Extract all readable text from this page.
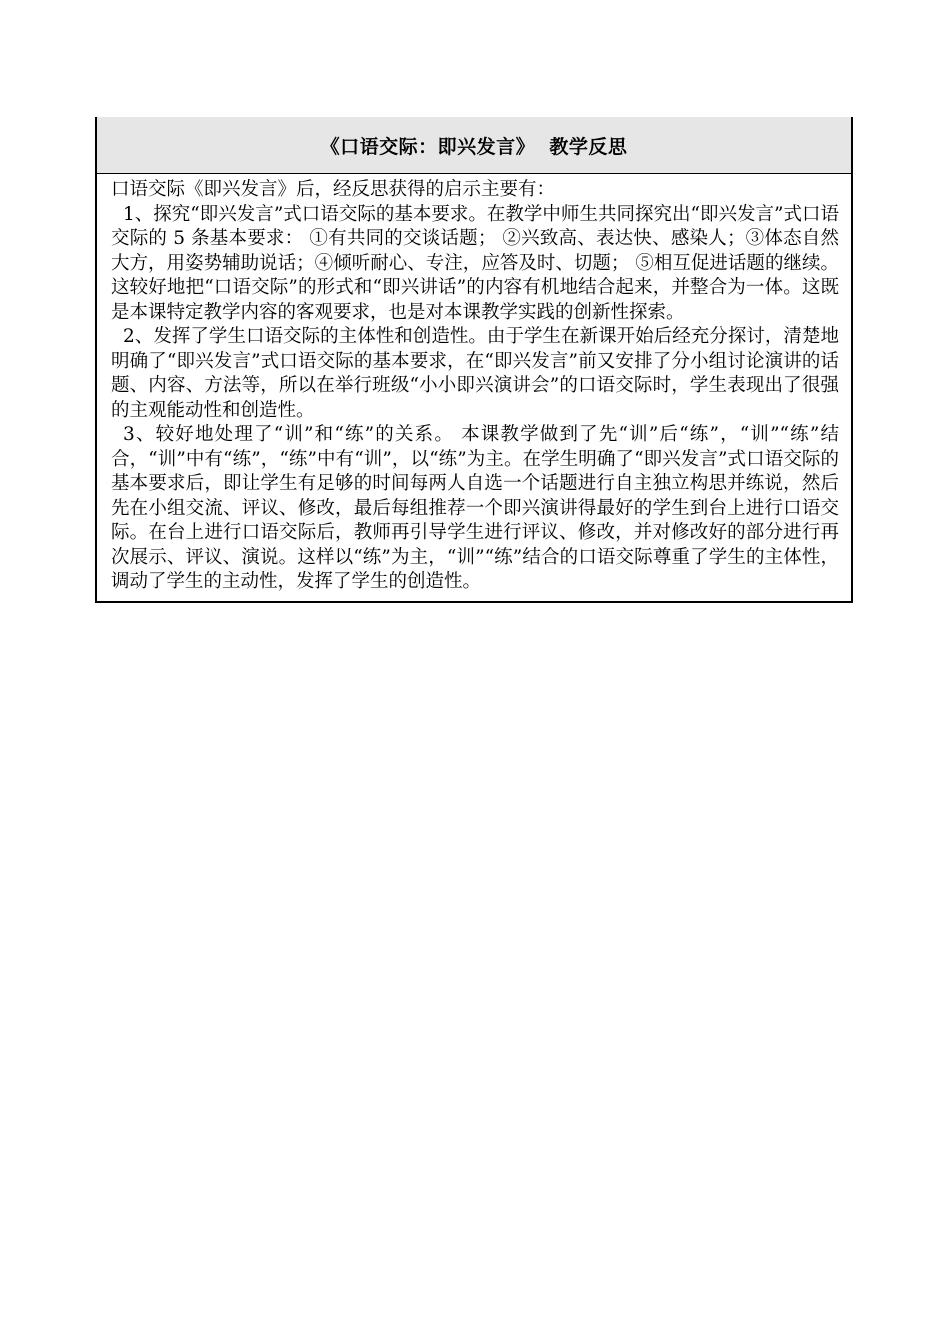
《口语交际：即兴发言》  教学反思

口语交际《即兴发言》后，经反思获得的启示主要有：

1、探究“即兴发言”式口语交际的基本要求。在教学中师生共同探究出“即兴发言”式口语交际的 5 条基本要求： ①有共同的交谈话题； ②兴致高、表达快、感染人；③体态自然大方，用姿势辅助说话；④倾听耐心、专注，应答及时、切题； ⑤相互促进话题的继续。 这较好地把“口语交际”的形式和“即兴讲话”的内容有机地结合起来，并整合为一体。这既是本课特定教学内容的客观要求，也是对本课教学实践的创新性探索。

2、发挥了学生口语交际的主体性和创造性。由于学生在新课开始后经充分探讨，清楚地明确了“即兴发言”式口语交际的基本要求，在“即兴发言”前又安排了分小组讨论演讲的话题、内容、方法等，所以在举行班级“小小即兴演讲会”的口语交际时，学生表现出了很强的主观能动性和创造性。

3、较好地处理了“训”和“练”的关系。 本课教学做到了先“训”后“练”，“训”“练”结合，“训”中有“练”，“练”中有“训”，以“练”为主。在学生明确了“即兴发言”式口语交际的基本要求后，即让学生有足够的时间每两人自选一个话题进行自主独立构思并练说，然后先在小组交流、评议、修改，最后每组推荐一个即兴演讲得最好的学生到台上进行口语交际。在台上进行口语交际后，教师再引导学生进行评议、修改，并对修改好的部分进行再次展示、评议、演说。这样以“练”为主，“训”“练”结合的口语交际尊重了学生的主体性，调动了学生的主动性，发挥了学生的创造性。
